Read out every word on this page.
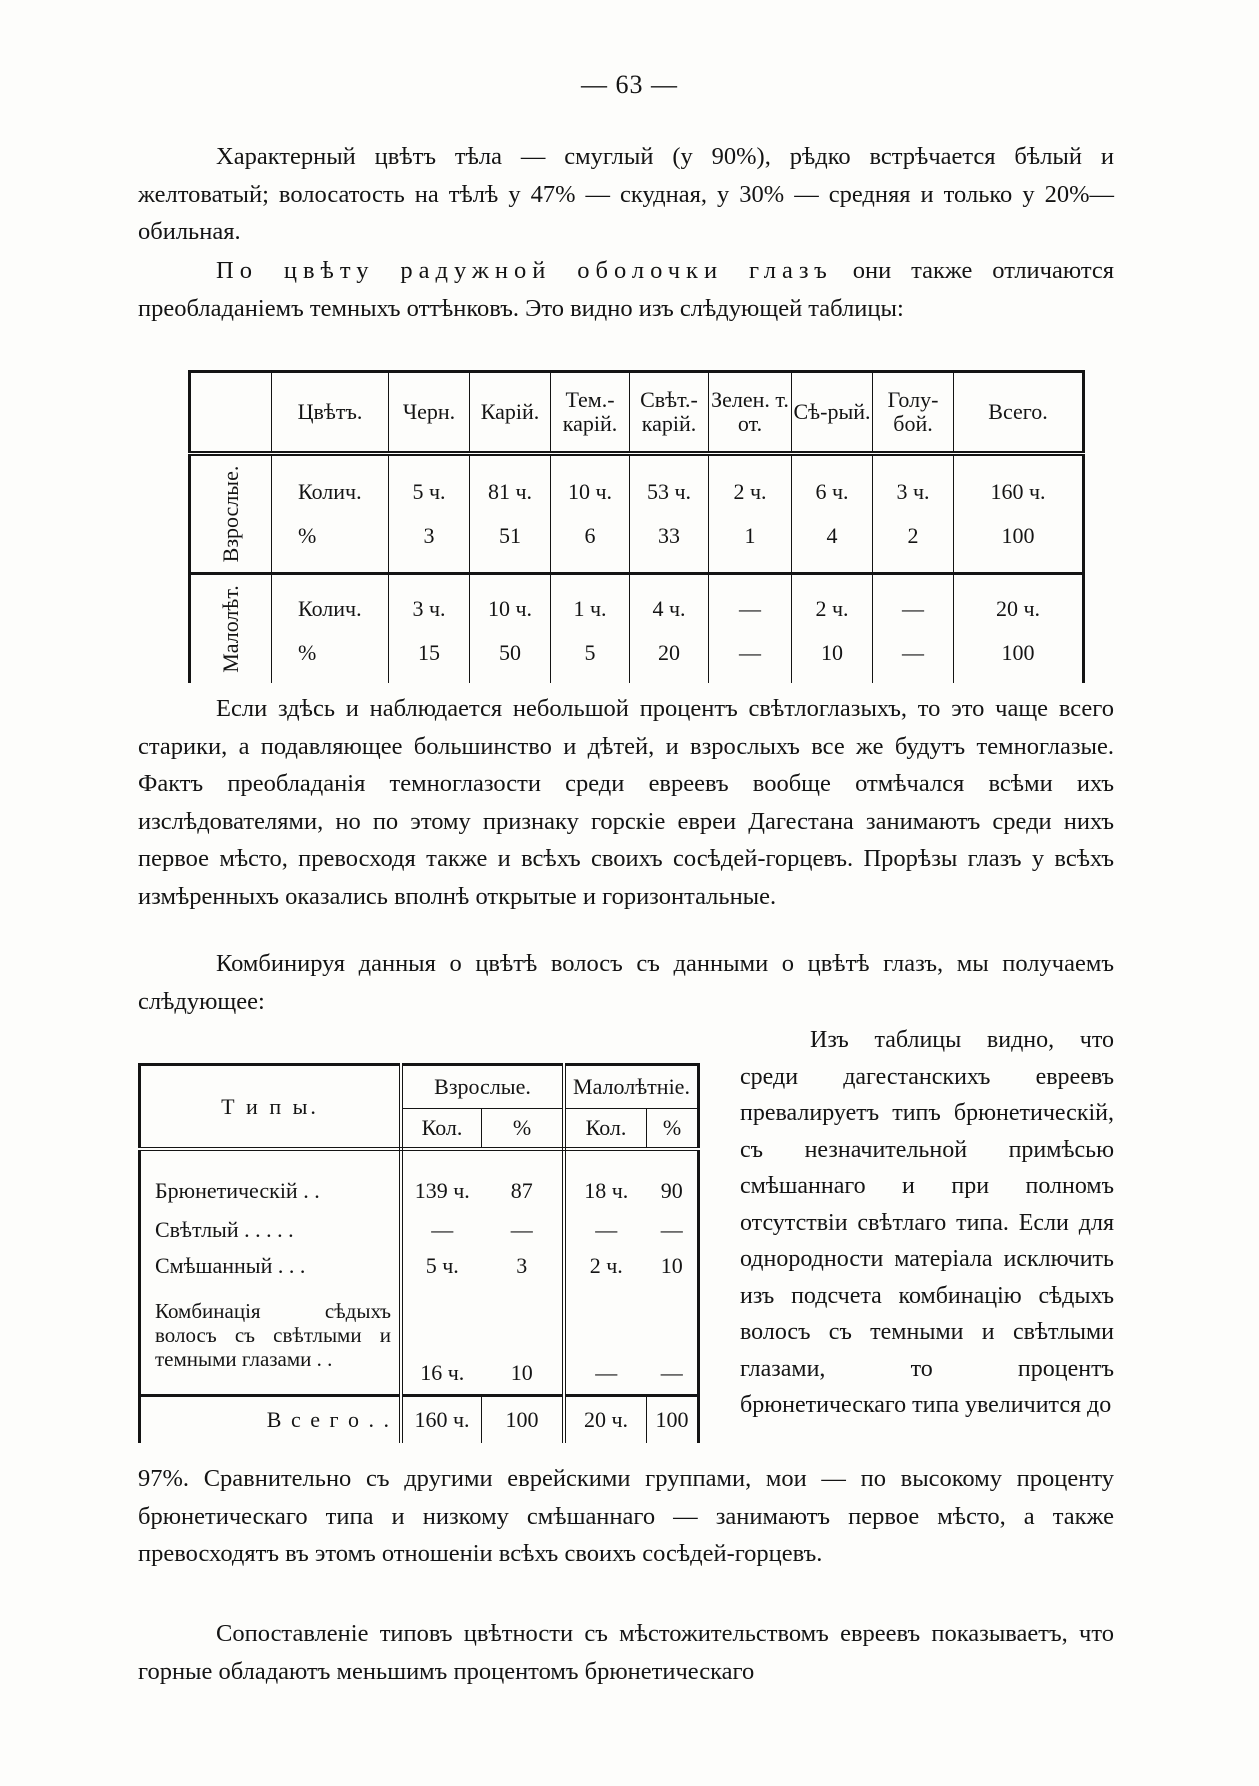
— 63 —

Характерный цвѣтъ тѣла — смуглый (у 90%), рѣдко встрѣчается бѣлый и желтоватый; волосатость на тѣлѣ у 47% — скудная, у 30% — средняя и только у 20%—обильная.

По цвѣту радужной оболочки глазъ они также отличаются преобладаніемъ темныхъ оттѣнковъ. Это видно изъ слѣдующей таблицы:

	Цвѣтъ.	Черн.	Карій.	Тем.-карій.	Свѣт.-карій.	Зелен. т. от.	Сѣ-рый.	Голу-бой.	Всего.

Взрослые.	Колич.	5 ч.	81 ч.	10 ч.	53 ч.	2 ч.	6 ч.	3 ч.	160 ч.
	%	3	51	6	33	1	4	2	100

Малолѣт.	Колич.	3 ч.	10 ч.	1 ч.	4 ч.	—	2 ч.	—	20 ч.
	%	15	50	5	20	—	10	—	100

Если здѣсь и наблюдается небольшой процентъ свѣтлоглазыхъ, то это чаще всего старики, а подавляющее большинство и дѣтей, и взрослыхъ все же будутъ темноглазые. Фактъ преобладанія темноглазости среди евреевъ вообще отмѣчался всѣми ихъ изслѣдователями, но по этому признаку горскіе евреи Дагестана занимаютъ среди нихъ первое мѣсто, превосходя также и всѣхъ своихъ сосѣдей-горцевъ. Прорѣзы глазъ у всѣхъ измѣренныхъ оказались вполнѣ открытые и горизонтальные.

Комбинируя данныя о цвѣтѣ волосъ съ данными о цвѣтѣ глазъ, мы получаемъ слѣдующее:

Т и п ы.	Взрослые.		Малолѣтніе.	
	Кол.	%	Кол.	%
Брюнетическій . .	139 ч.	87	18 ч.	90
Свѣтлый . . . . .	—	—	—	—
Смѣшанный . . .	5 ч.	3	2 ч.	10
Комбинація сѣдыхъ волосъ съ свѣтлыми и темными глазами . .	16 ч.	10	—	—
В с е г о . .	160 ч.	100	20 ч.	100

Изъ таблицы видно, что среди дагестанскихъ евреевъ превалируетъ типъ брюнетическій, съ незначительной примѣсью смѣшаннаго и при полномъ отсутствіи свѣтлаго типа. Если для однородности матеріала исключить изъ подсчета комбинацію сѣдыхъ волосъ съ темными и свѣтлыми глазами, то процентъ брюнетическаго типа увеличится до

97%. Сравнительно съ другими еврейскими группами, мои — по высокому проценту брюнетическаго типа и низкому смѣшаннаго — занимаютъ первое мѣсто, а также превосходятъ въ этомъ отношеніи всѣхъ своихъ сосѣдей-горцевъ.

Сопоставленіе типовъ цвѣтности съ мѣстожительствомъ евреевъ показываетъ, что горные обладаютъ меньшимъ процентомъ брюнетическаго
